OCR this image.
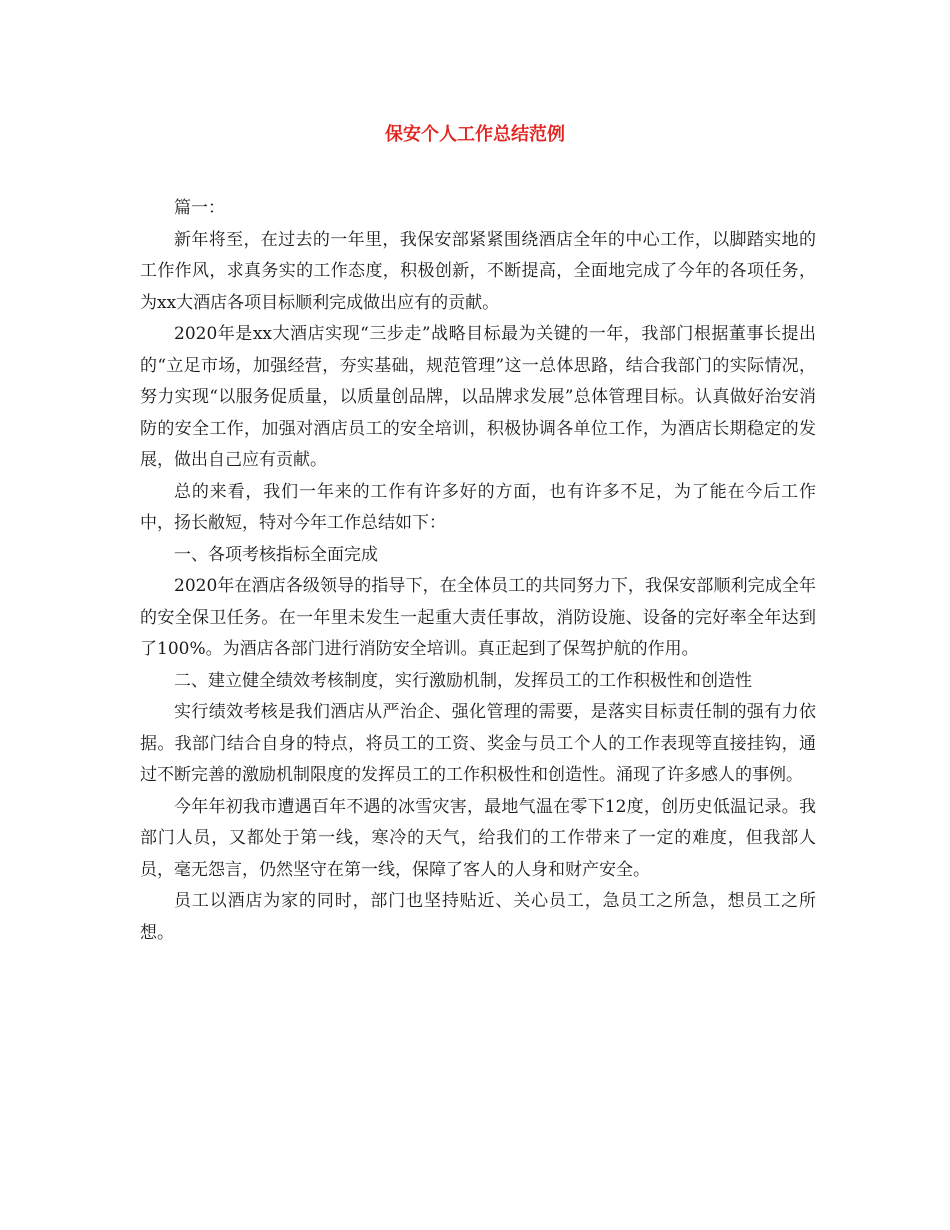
保安个人工作总结范例

篇一：

新年将至，在过去的一年里，我保安部紧紧围绕酒店全年的中心工作，以脚踏实地的工作作风，求真务实的工作态度，积极创新，不断提高，全面地完成了今年的各项任务，为xx大酒店各项目标顺利完成做出应有的贡献。

2020年是xx大酒店实现“三步走”战略目标最为关键的一年，我部门根据董事长提出的“立足市场，加强经营，夯实基础，规范管理”这一总体思路，结合我部门的实际情况，努力实现“以服务促质量，以质量创品牌，以品牌求发展”总体管理目标。认真做好治安消防的安全工作，加强对酒店员工的安全培训，积极协调各单位工作，为酒店长期稳定的发展，做出自己应有贡献。

总的来看，我们一年来的工作有许多好的方面，也有许多不足，为了能在今后工作中，扬长敝短，特对今年工作总结如下：

一、各项考核指标全面完成

2020年在酒店各级领导的指导下，在全体员工的共同努力下，我保安部顺利完成全年的安全保卫任务。在一年里未发生一起重大责任事故，消防设施、设备的完好率全年达到了100%。为酒店各部门进行消防安全培训。真正起到了保驾护航的作用。

二、建立健全绩效考核制度，实行激励机制，发挥员工的工作积极性和创造性

实行绩效考核是我们酒店从严治企、强化管理的需要，是落实目标责任制的强有力依据。我部门结合自身的特点，将员工的工资、奖金与员工个人的工作表现等直接挂钩，通过不断完善的激励机制限度的发挥员工的工作积极性和创造性。涌现了许多感人的事例。

今年年初我市遭遇百年不遇的冰雪灾害，最地气温在零下12度，创历史低温记录。我部门人员，又都处于第一线，寒冷的天气，给我们的工作带来了一定的难度，但我部人员，毫无怨言，仍然坚守在第一线，保障了客人的人身和财产安全。

员工以酒店为家的同时，部门也坚持贴近、关心员工，急员工之所急，想员工之所想。
